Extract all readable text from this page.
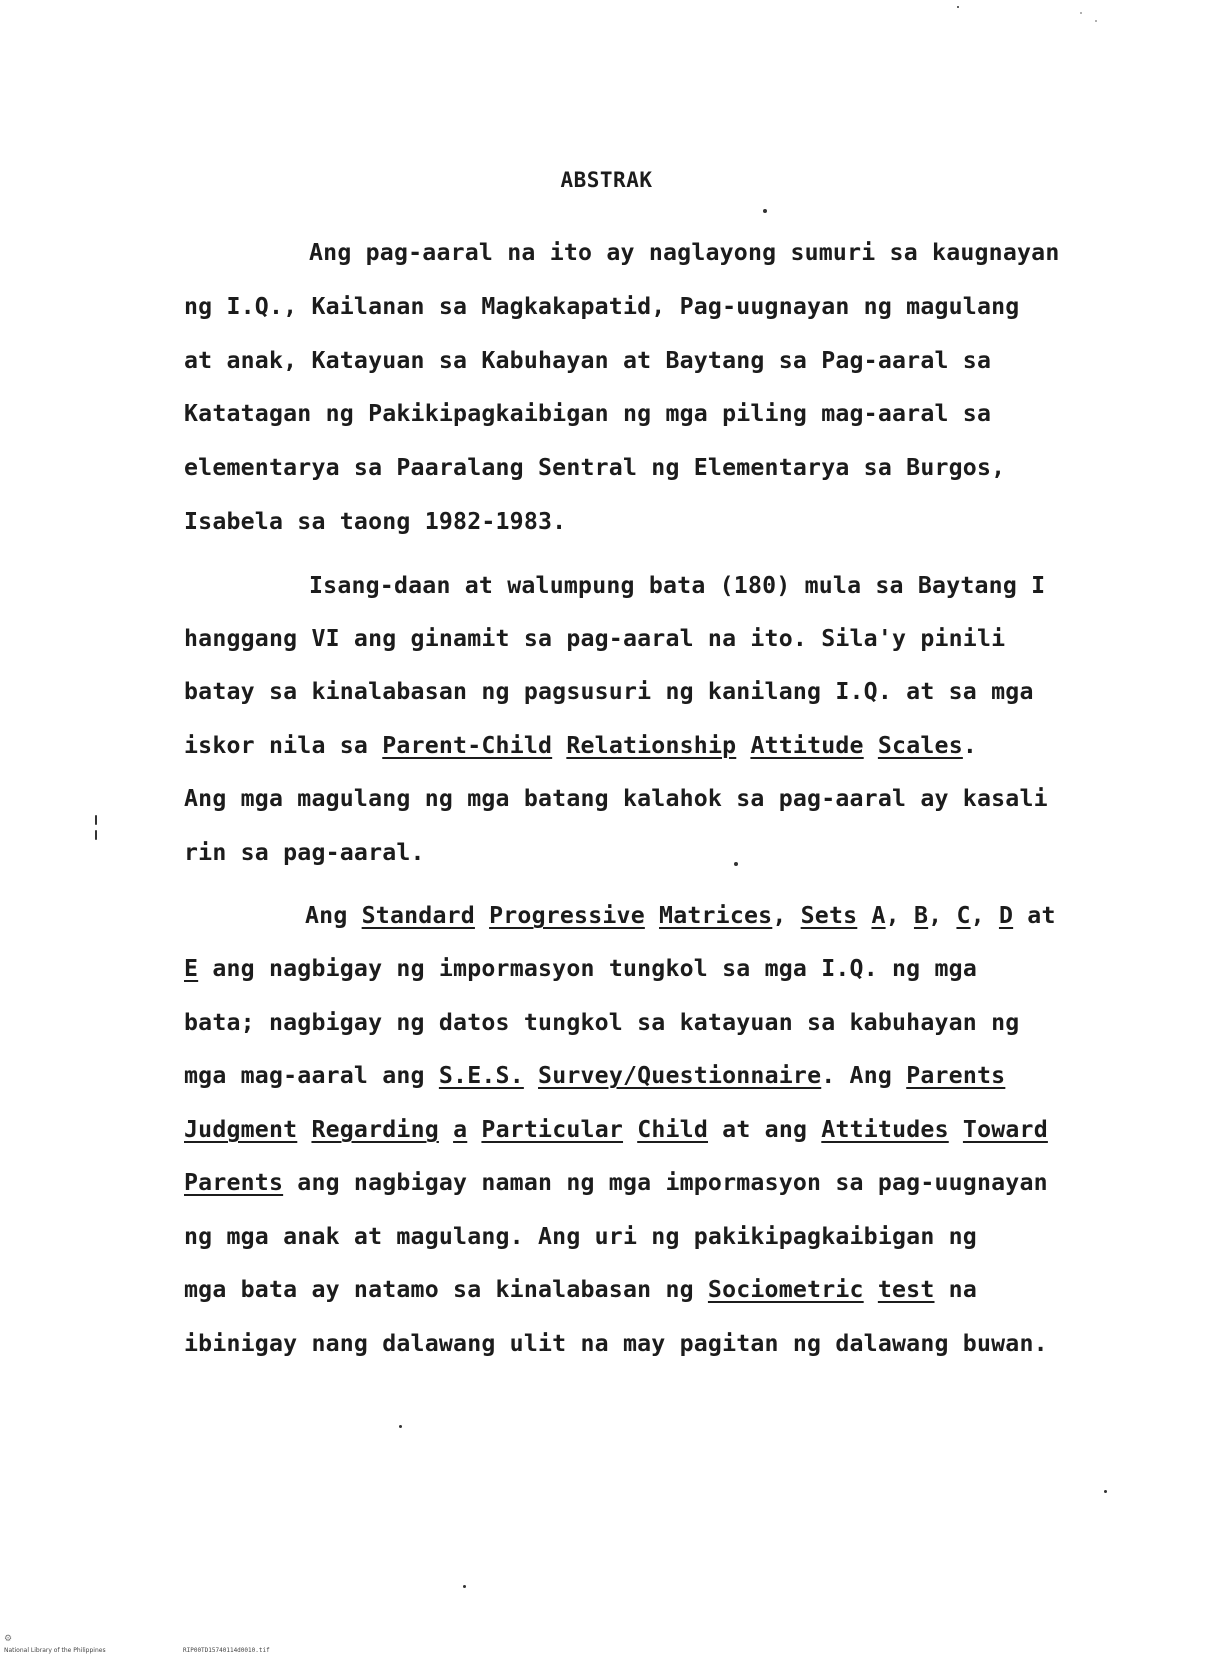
ABSTRAK
Ang pag-aaral na ito ay naglayong sumuri sa kaugnayan
ng I.Q., Kailanan sa Magkakapatid, Pag-uugnayan ng magulang
at anak, Katayuan sa Kabuhayan at Baytang sa Pag-aaral sa
Katatagan ng Pakikipagkaibigan ng mga piling mag-aaral sa
elementarya sa Paaralang Sentral ng Elementarya sa Burgos,
Isabela sa taong 1982-1983.
Isang-daan at walumpung bata (180) mula sa Baytang I
hanggang VI ang ginamit sa pag-aaral na ito. Sila'y pinili
batay sa kinalabasan ng pagsusuri ng kanilang I.Q. at sa mga
iskor nila sa Parent-Child Relationship Attitude Scales.
Ang mga magulang ng mga batang kalahok sa pag-aaral ay kasali
rin sa pag-aaral.
Ang Standard Progressive Matrices, Sets A, B, C, D at
E ang nagbigay ng impormasyon tungkol sa mga I.Q. ng mga
bata; nagbigay ng datos tungkol sa katayuan sa kabuhayan ng
mga mag-aaral ang S.E.S. Survey/Questionnaire. Ang Parents
Judgment Regarding a Particular Child at ang Attitudes Toward
Parents ang nagbigay naman ng mga impormasyon sa pag-uugnayan
ng mga anak at magulang. Ang uri ng pakikipagkaibigan ng
mga bata ay natamo sa kinalabasan ng Sociometric test na
ibinigay nang dalawang ulit na may pagitan ng dalawang buwan.
⚙
National Library of the Philippines	RIP00TD15740114d0010.tif
